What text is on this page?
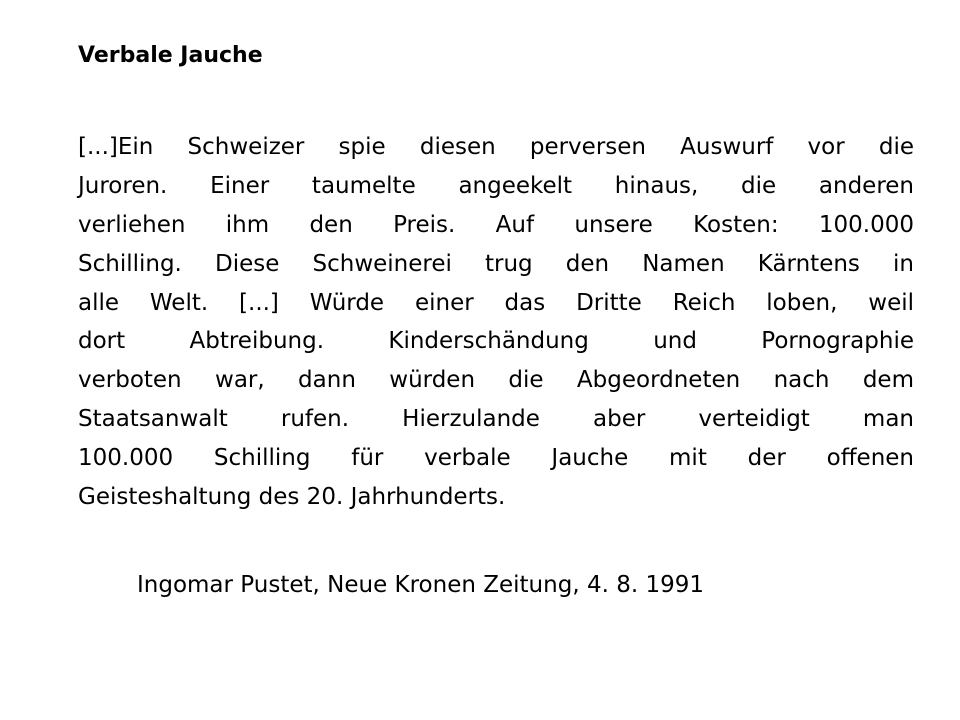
Verbale Jauche
[...]Ein Schweizer spie diesen perversen Auswurf vor die
Juroren. Einer taumelte angeekelt hinaus, die anderen
verliehen ihm den Preis. Auf unsere Kosten: 100.000
Schilling. Diese Schweinerei trug den Namen Kärntens in
alle Welt. [...] Würde einer das Dritte Reich loben, weil
dort Abtreibung. Kinderschändung und Pornographie
verboten war, dann würden die Abgeordneten nach dem
Staatsanwalt rufen. Hierzulande aber verteidigt man
100.000 Schilling für verbale Jauche mit der offenen
Geisteshaltung des 20. Jahrhunderts.
Ingomar Pustet, Neue Kronen Zeitung, 4. 8. 1991
